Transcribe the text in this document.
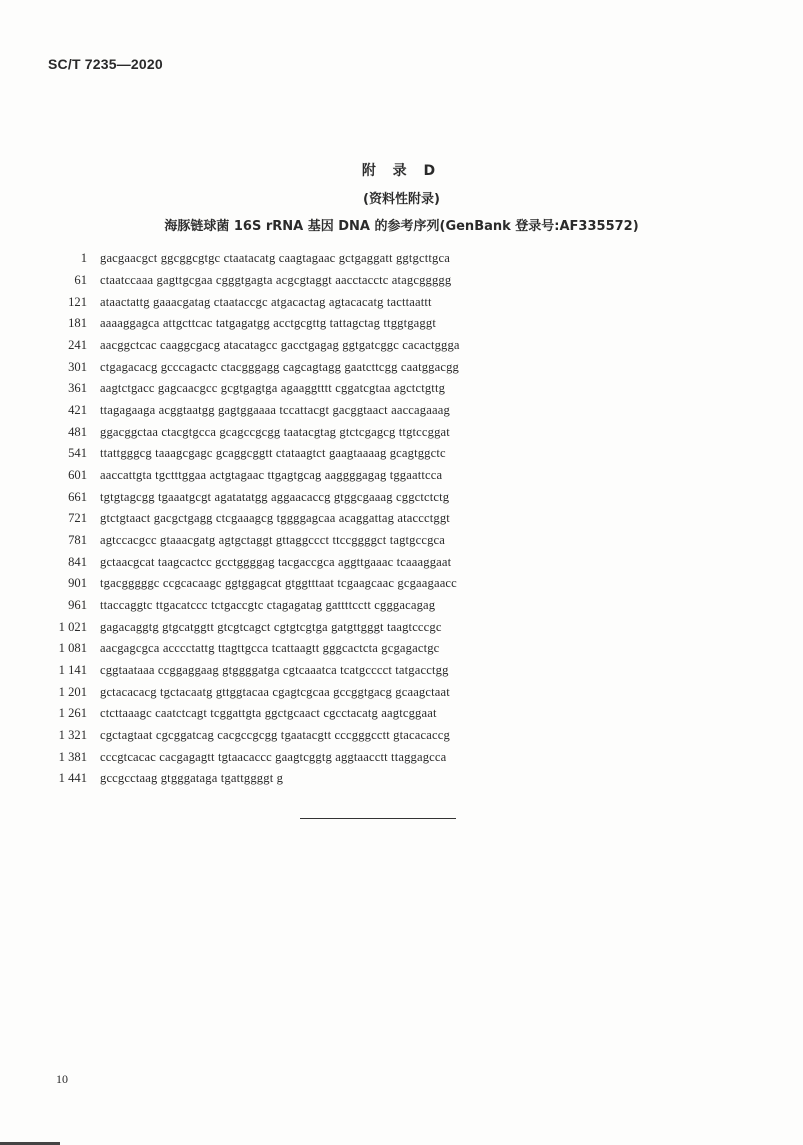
SC/T 7235—2020
附 录 D
(资料性附录)
海豚链球菌 16S rRNA 基因 DNA 的参考序列(GenBank 登录号:AF335572)
1	gacgaacgct ggcggcgtgc ctaatacatg caagtagaac gctgaggatt ggtgcttgca
61	ctaatccaaa gagttgcgaa cgggtgagta acgcgtaggt aacctacctc atagcggggg
121	ataactattg gaaacgatag ctaataccgc atgacactag agtacacatg tacttaattt
181	aaaaggagca attgcttcac tatgagatgg acctgcgttg tattagctag ttggtgaggt
241	aacggctcac caaggcgacg atacatagcc gacctgagag ggtgatcggc cacactggga
301	ctgagacacg gcccagactc ctacgggagg cagcagtagg gaatcttcgg caatggacgg
361	aagtctgacc gagcaacgcc gcgtgagtga agaaggtttt cggatcgtaa agctctgttg
421	ttagagaaga acggtaatgg gagtggaaaa tccattacgt gacggtaact aaccagaaag
481	ggacggctaa ctacgtgcca gcagccgcgg taatacgtag gtctcgagcg ttgtccggat
541	ttattgggcg taaagcgagc gcaggcggtt ctataagtct gaagtaaaag gcagtggctc
601	aaccattgta tgctttggaa actgtagaac ttgagtgcag aaggggagag tggaattcca
661	tgtgtagcgg tgaaatgcgt agatatatgg aggaacaccg gtggcgaaag cggctctctg
721	gtctgtaact gacgctgagg ctcgaaagcg tggggagcaa acaggattag ataccctggt
781	agtccacgcc gtaaacgatg agtgctaggt gttaggccct ttccggggct tagtgccgca
841	gctaacgcat taagcactcc gcctggggag tacgaccgca aggttgaaac tcaaaggaat
901	tgacgggggc ccgcacaagc ggtggagcat gtggtttaat tcgaagcaac gcgaagaacc
961	ttaccaggtc ttgacatccc tctgaccgtc ctagagatag gattttcctt cgggacagag
1 021	gagacaggtg gtgcatggtt gtcgtcagct cgtgtcgtga gatgttgggt taagtcccgc
1 081	aacgagcgca acccctattg ttagttgcca tcattaagtt gggcactcta gcgagactgc
1 141	cggtaataaa ccggaggaag gtggggatga cgtcaaatca tcatgcccct tatgacctgg
1 201	gctacacacg tgctacaatg gttggtacaa cgagtcgcaa gccggtgacg gcaagctaat
1 261	ctcttaaagc caatctcagt tcggattgta ggctgcaact cgcctacatg aagtcggaat
1 321	cgctagtaat cgcggatcag cacgccgcgg tgaatacgtt cccgggcctt gtacacaccg
1 381	cccgtcacac cacgagagtt tgtaacaccc gaagtcggtg aggtaacctt ttaggagcca
1 441	gccgcctaag gtgggataga tgattggggt g
10
